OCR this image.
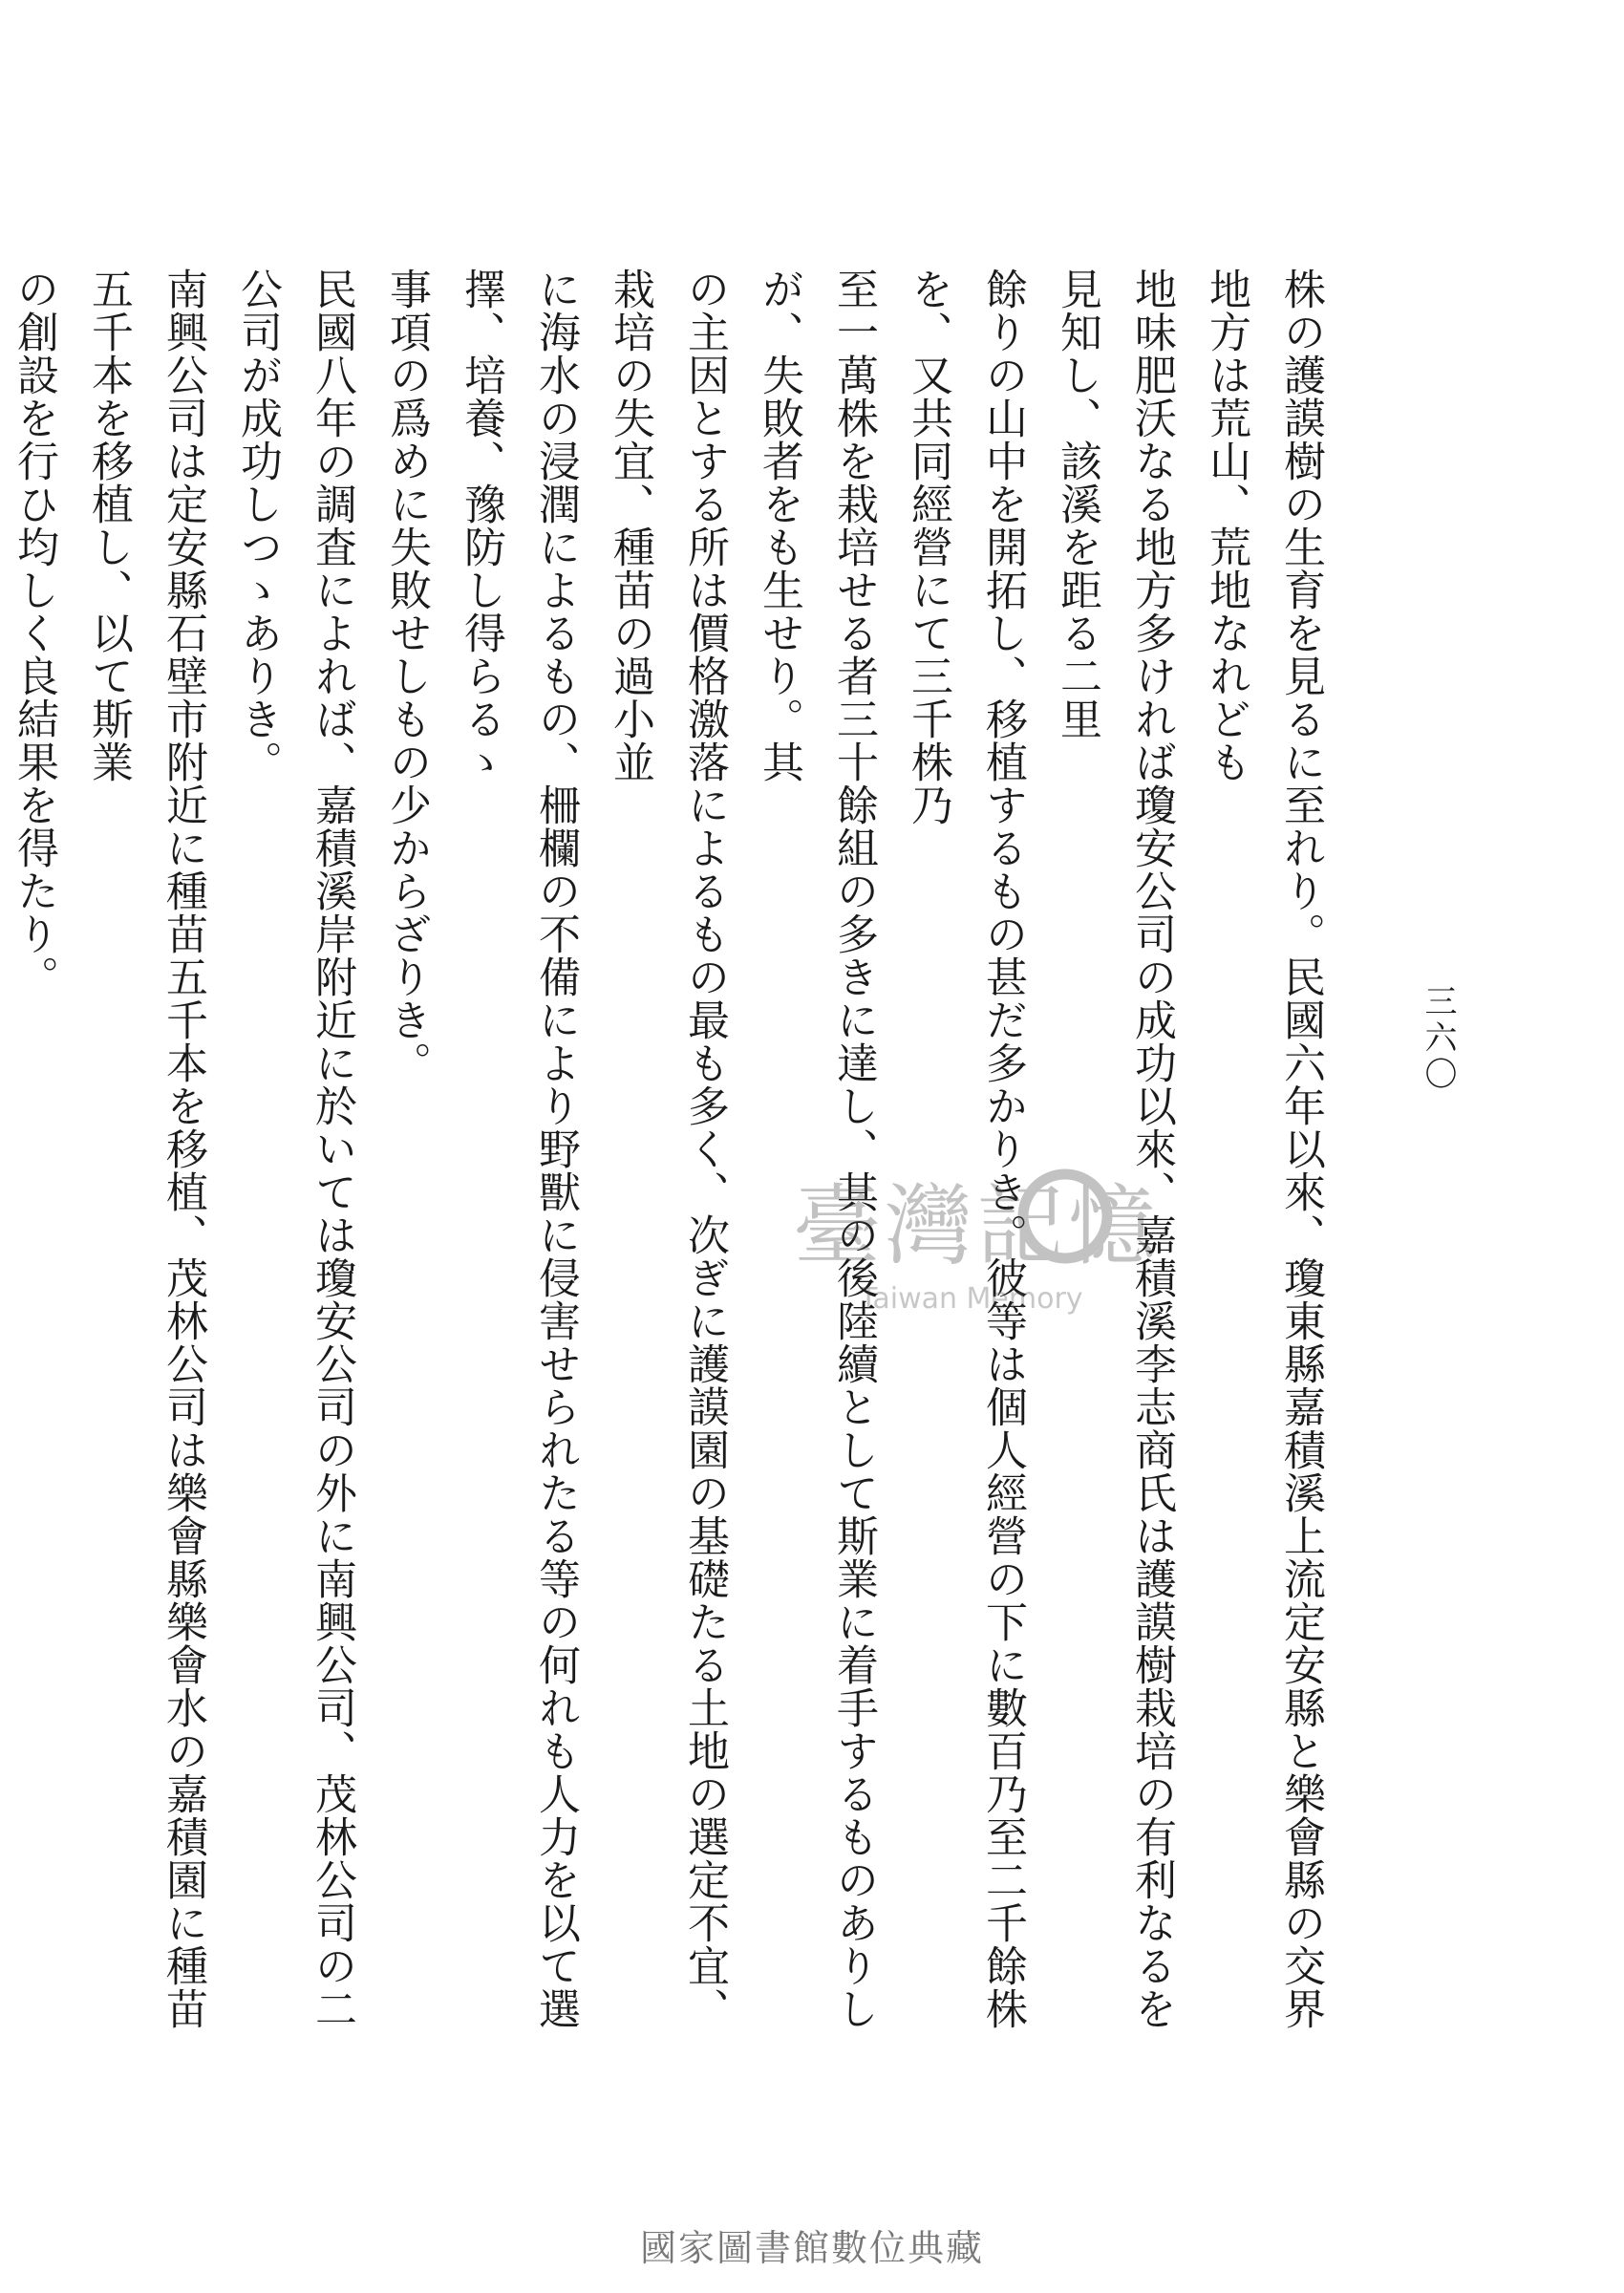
三六〇

株の護謨樹の生育を見るに至れり。民國六年以來、瓊東縣嘉積溪上流定安縣と樂會縣の交界地方は荒山、荒地なれども

地味肥沃なる地方多ければ瓊安公司の成功以來、嘉積溪李志商氏は護謨樹栽培の有利なるを見知し、該溪を距る二里

餘りの山中を開拓し、移植するもの甚だ多かりき。彼等は個人經營の下に數百乃至二千餘株を、又共同經營にて三千株乃

至一萬株を栽培せる者三十餘組の多きに達し、其の後陸續として斯業に着手するものありしが、失敗者をも生せり。其

の主因とする所は價格激落によるもの最も多く、次ぎに護謨園の基礎たる土地の選定不宜、栽培の失宜、種苗の過小並

に海水の浸潤によるもの、柵欄の不備により野獸に侵害せられたる等の何れも人力を以て選擇、培養、豫防し得らるゝ

事項の爲めに失敗せしもの少からざりき。

民國八年の調査によれば、嘉積溪岸附近に於いては瓊安公司の外に南興公司、茂林公司の二公司が成功しつゝありき。

南興公司は定安縣石壁市附近に種苗五千本を移植、茂林公司は樂會縣樂會水の嘉積園に種苗五千本を移植し、以て斯業

の創設を行ひ均しく良結果を得たり。

臺灣記憶
Taiwan Memory
國家圖書館數位典藏
